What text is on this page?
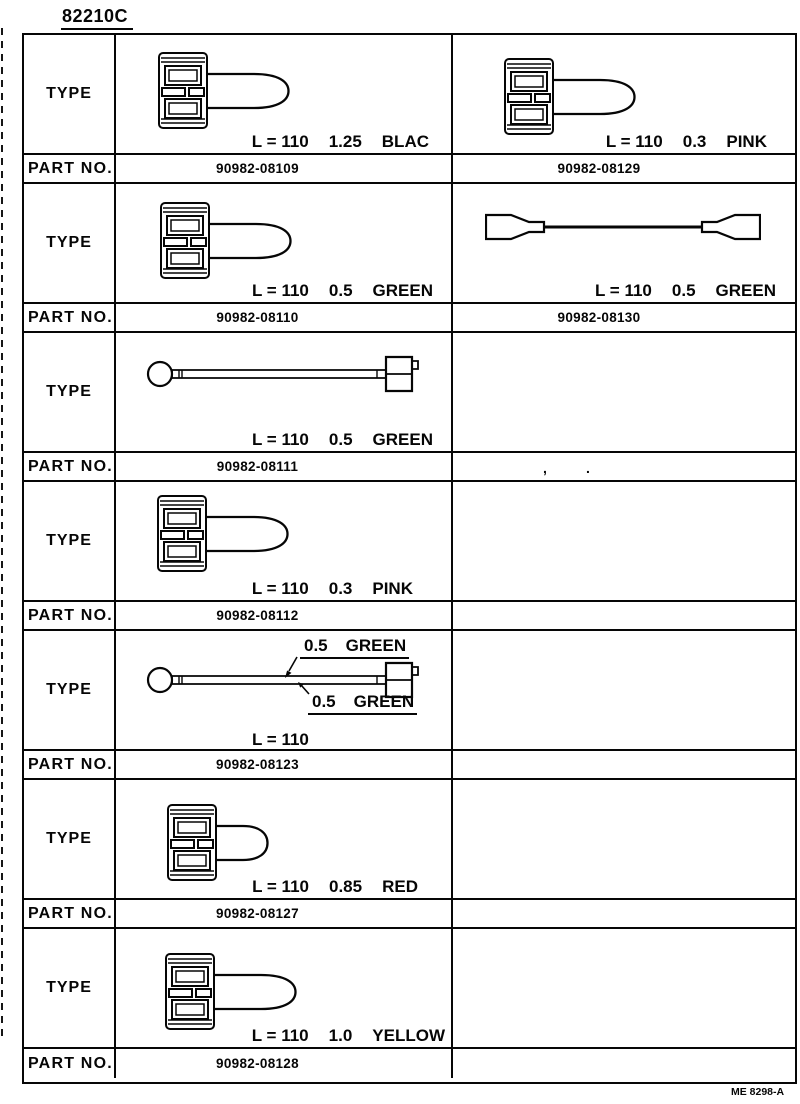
82210C
TYPE
L = 110 1.25 BLAC	L = 110 0.3 PINK
PART NO.	90982-08109	90982-08129
TYPE
L = 110 0.5 GREEN	L = 110 0.5 GREEN
PART NO.	90982-08110	90982-08130
TYPE
L = 110 0.5 GREEN
PART NO.	90982-08111	,	.
TYPE
L = 110 0.3 PINK
PART NO.	90982-08112
TYPE
0.5 GREEN
0.5 GREEN
L = 110
PART NO.	90982-08123
TYPE
L = 110 0.85 RED
PART NO.	90982-08127
TYPE
L = 110 1.0 YELLOW
PART NO.	90982-08128
ME 8298-A
